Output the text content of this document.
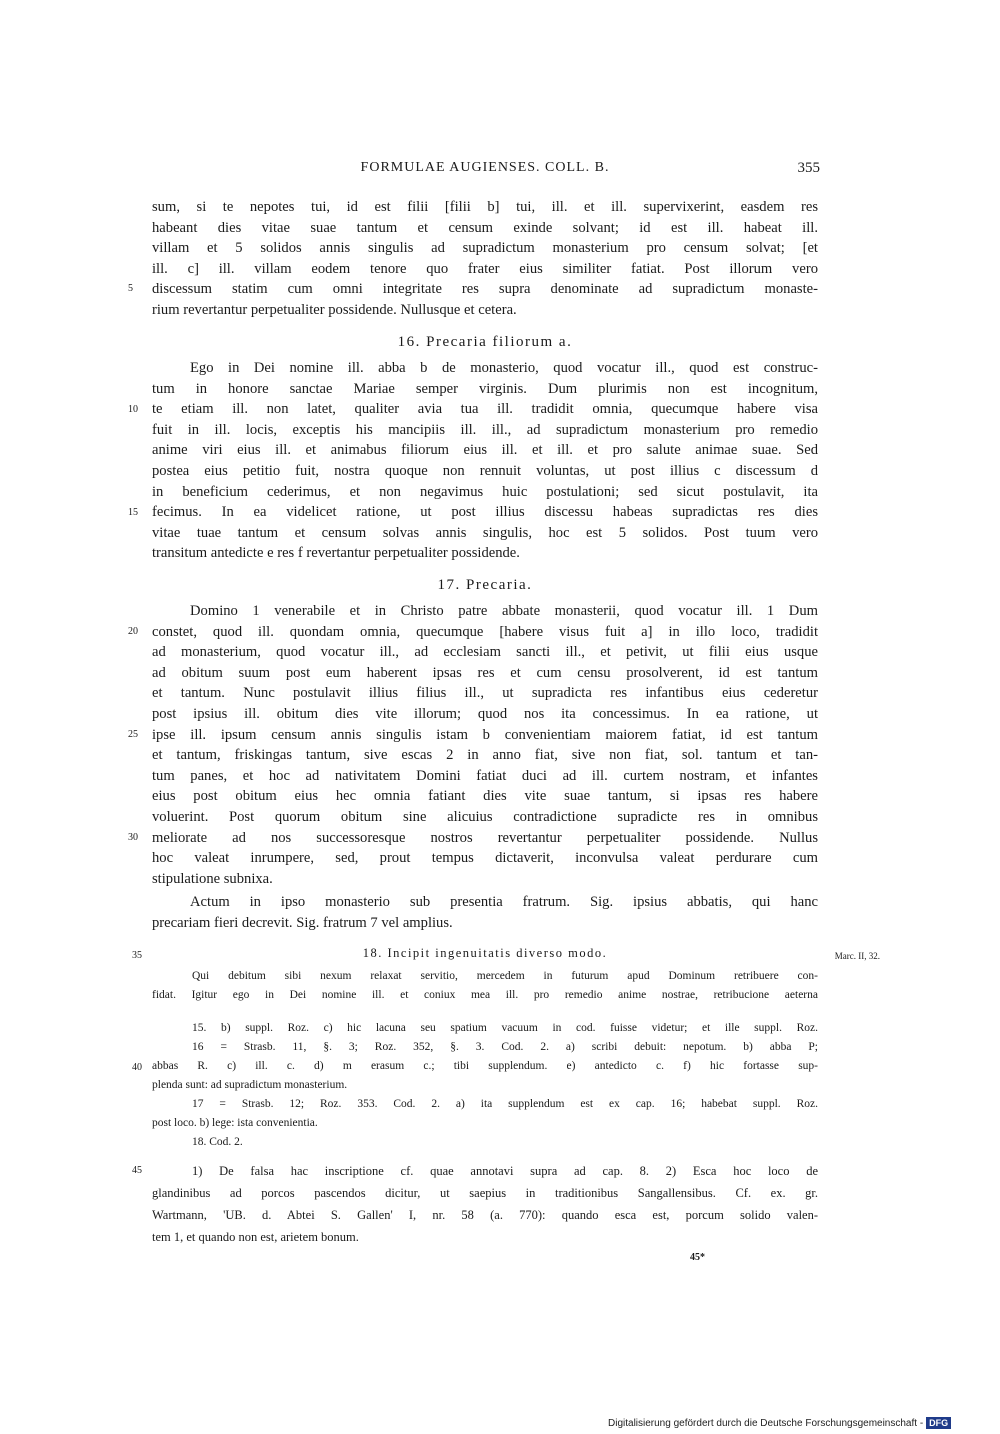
FORMULAE AUGIENSES. COLL. B.	355
sum, si te nepotes tui, id est filii [filii b] tui, ill. et ill. supervixerint, easdem res
habeant dies vitae suae tantum et censum exinde solvant; id est ill. habeat ill.
villam et 5 solidos annis singulis ad supradictum monasterium pro censum solvat; [et
ill. c] ill. villam eodem tenore quo frater eius similiter fatiat. Post illorum vero
discessum statim cum omni integritate res supra denominate ad supradictum monaste-
rium revertantur perpetualiter possidende. Nullusque et cetera.
5
16. Precaria filiorum a.
Ego in Dei nomine ill. abba b de monasterio, quod vocatur ill., quod est construc-
tum in honore sanctae Mariae semper virginis. Dum plurimis non est incognitum,
te etiam ill. non latet, qualiter avia tua ill. tradidit omnia, quecumque habere visa
fuit in ill. locis, exceptis his mancipiis ill. ill., ad supradictum monasterium pro remedio
anime viri eius ill. et animabus filiorum eius ill. et ill. et pro salute animae suae. Sed
postea eius petitio fuit, nostra quoque non rennuit voluntas, ut post illius c discessum d
in beneficium cederimus, et non negavimus huic postulationi; sed sicut postulavit, ita
fecimus. In ea videlicet ratione, ut post illius discessu habeas supradictas res dies
vitae tuae tantum et censum solvas annis singulis, hoc est 5 solidos. Post tuum vero
transitum antedicte e res f revertantur perpetualiter possidende.
10
15
17. Precaria.
Domino 1 venerabile et in Christo patre abbate monasterii, quod vocatur ill. 1 Dum
constet, quod ill. quondam omnia, quecumque [habere visus fuit a] in illo loco, tradidit
ad monasterium, quod vocatur ill., ad ecclesiam sancti ill., et petivit, ut filii eius usque
ad obitum suum post eum haberent ipsas res et cum censu prosolverent, id est tantum
et tantum. Nunc postulavit illius filius ill., ut supradicta res infantibus eius cederetur
post ipsius ill. obitum dies vite illorum; quod nos ita concessimus. In ea ratione, ut
ipse ill. ipsum censum annis singulis istam b convenientiam maiorem fatiat, id est tantum
et tantum, friskingas tantum, sive escas 2 in anno fiat, sive non fiat, sol. tantum et tan-
tum panes, et hoc ad nativitatem Domini fatiat duci ad ill. curtem nostram, et infantes
eius post obitum eius hec omnia fatiant dies vite suae tantum, si ipsas res habere
voluerint. Post quorum obitum sine alicuius contradictione supradicte res in omnibus
meliorate ad nos successoresque nostros revertantur perpetualiter possidende. Nullus
hoc valeat inrumpere, sed, prout tempus dictaverit, inconvulsa valeat perdurare cum
stipulatione subnixa.
20
25
30
Actum in ipso monasterio sub presentia fratrum. Sig. ipsius abbatis, qui hanc
precariam fieri decrevit. Sig. fratrum 7 vel amplius.
35	18. Incipit ingenuitatis diverso modo.	Marc. II, 32.
Qui debitum sibi nexum relaxat servitio, mercedem in futurum apud Dominum retribuere con-
fidat. Igitur ego in Dei nomine ill. et coniux mea ill. pro remedio anime nostrae, retribucione aeterna
15. b) suppl. Roz. c) hic lacuna seu spatium vacuum in cod. fuisse videtur; et ille suppl. Roz.
16 = Strasb. 11, §. 3; Roz. 352, §. 3. Cod. 2. a) scribi debuit: nepotum. b) abba P;
abbas R. c) ill. c. d) m erasum c.; tibi supplendum. e) antedicto c. f) hic fortasse sup-
plenda sunt: ad supradictum monasterium.
17 = Strasb. 12; Roz. 353. Cod. 2. a) ita supplendum est ex cap. 16; habebat suppl. Roz.
post loco. b) lege: ista convenientia.
18. Cod. 2.
40
1) De falsa hac inscriptione cf. quae annotavi supra ad cap. 8. 2) Esca hoc loco de
glandinibus ad porcos pascendos dicitur, ut saepius in traditionibus Sangallensibus. Cf. ex. gr.
Wartmann, 'UB. d. Abtei S. Gallen' I, nr. 58 (a. 770): quando esca est, porcum solido valen-
tem 1, et quando non est, arietem bonum.
45
45*
Digitalisierung gefördert durch die Deutsche Forschungsgemeinschaft - DFG
